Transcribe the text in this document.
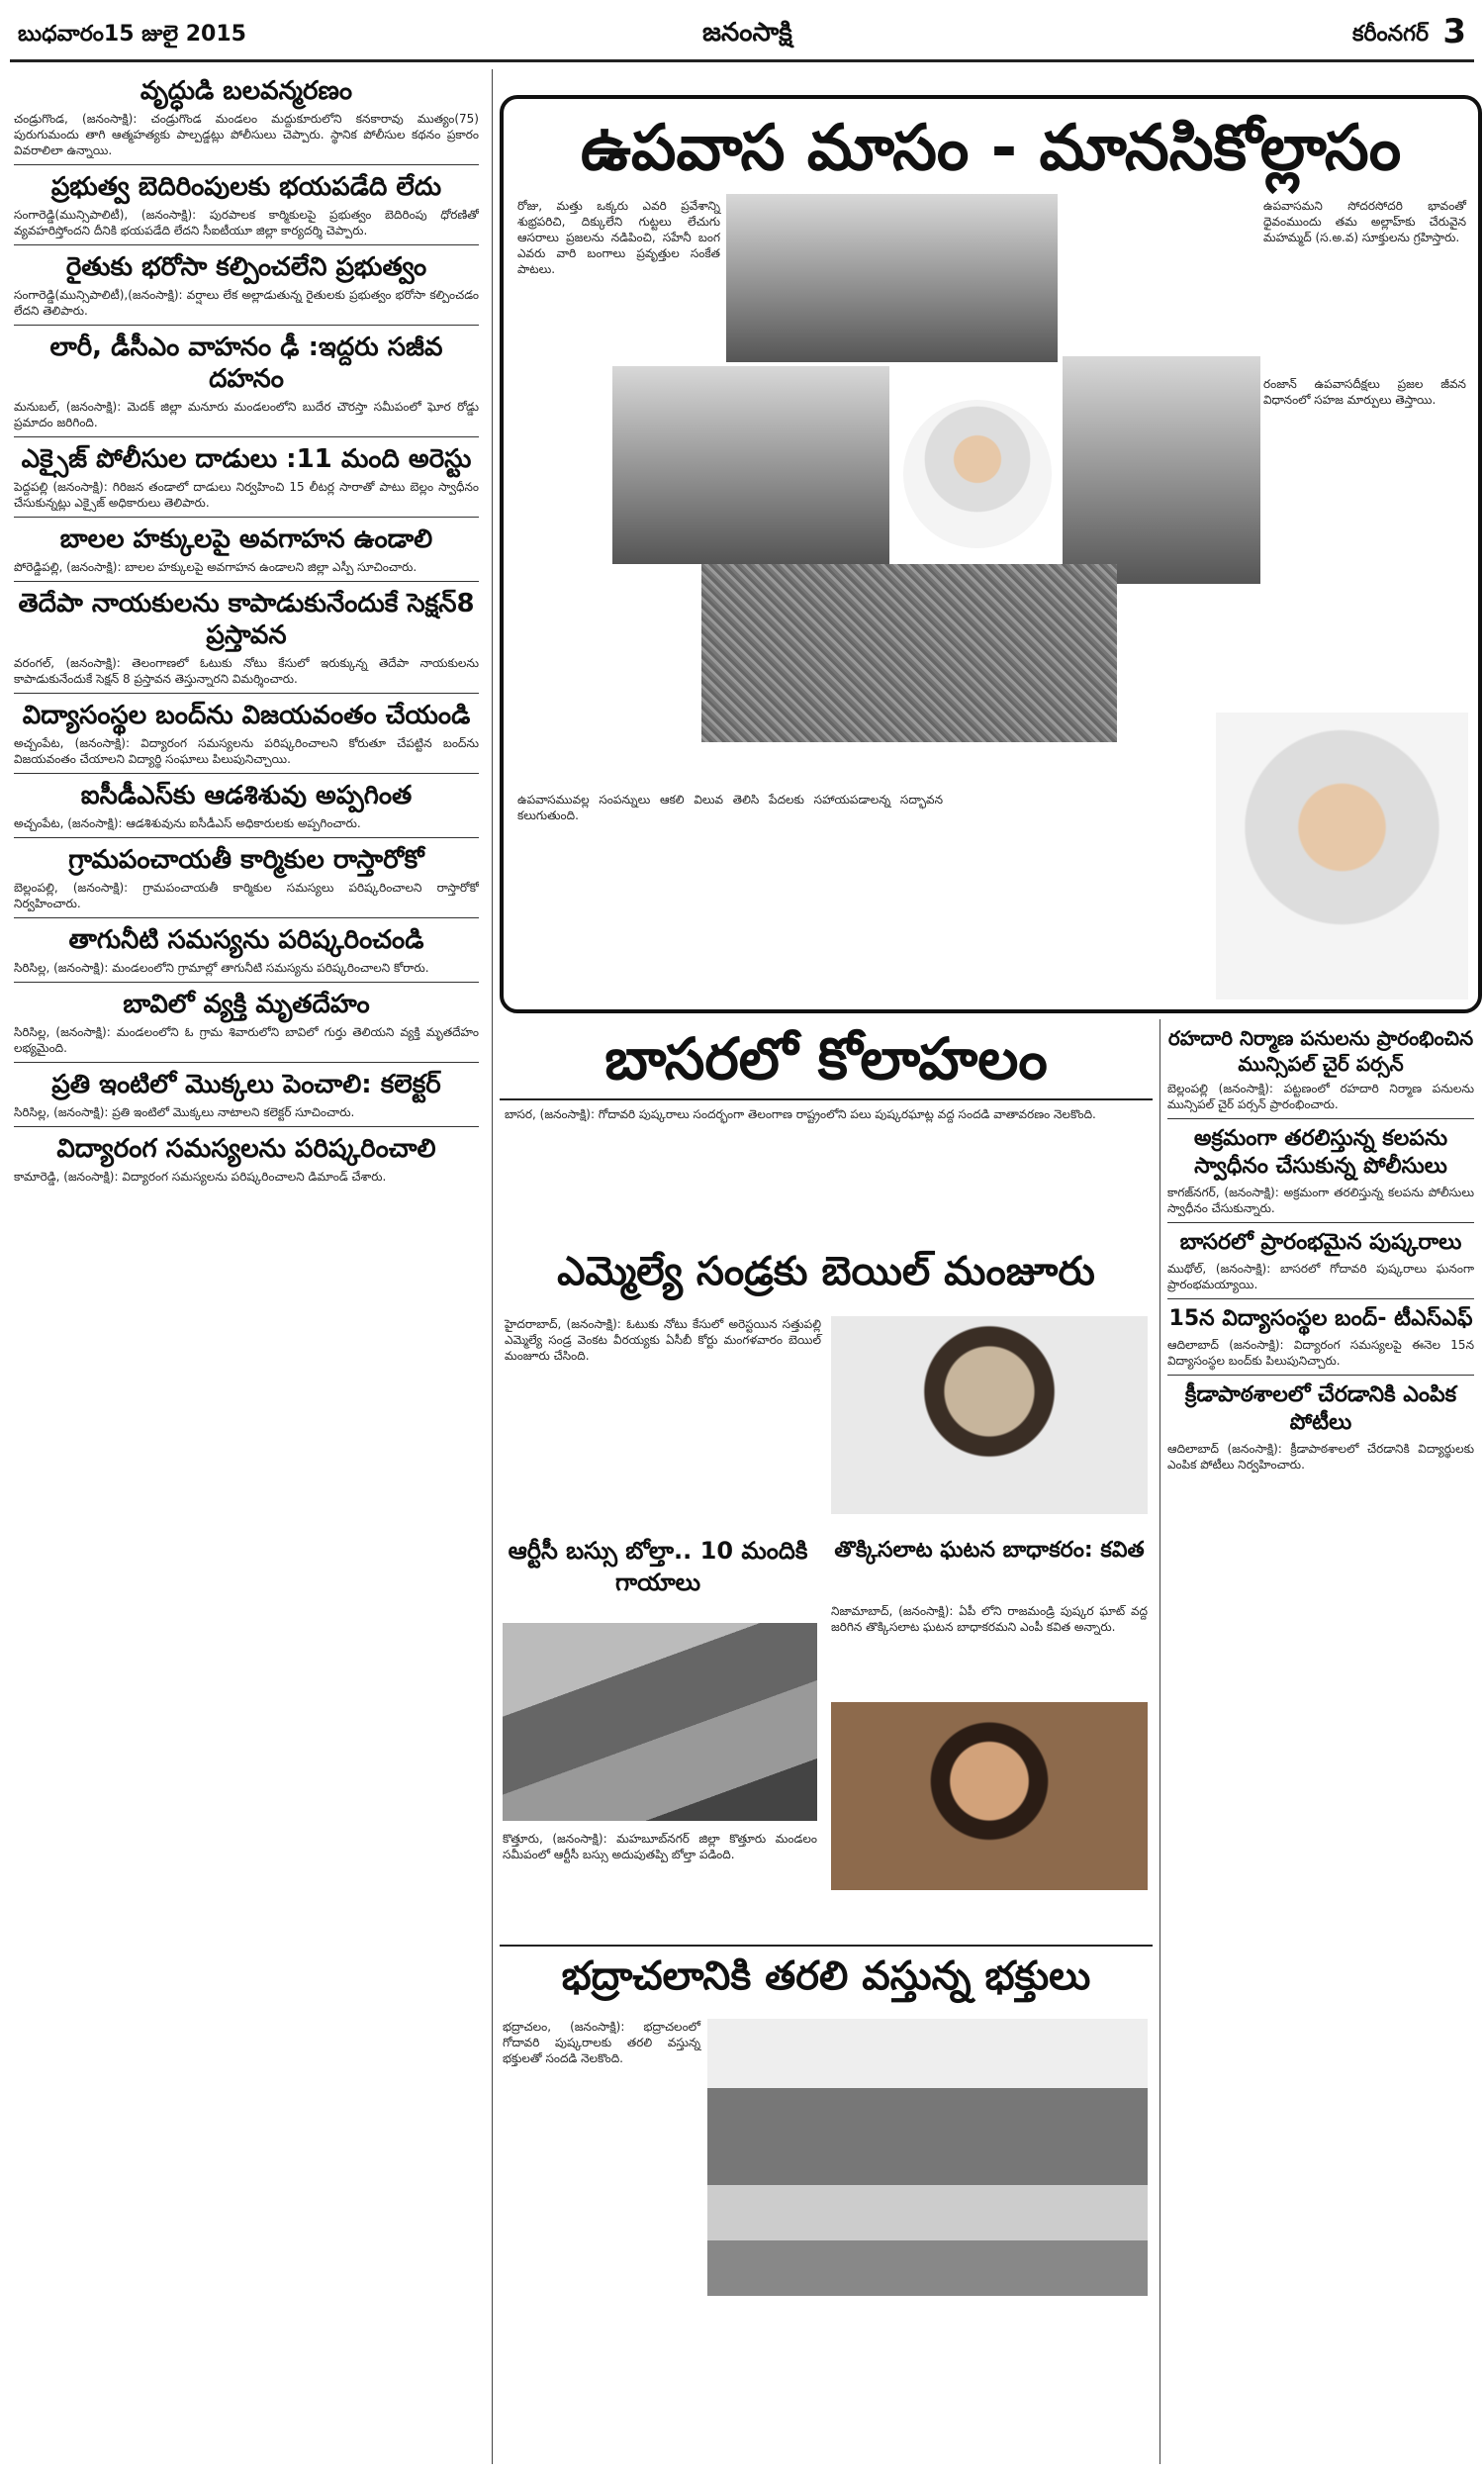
బుధవారం15 జులై 2015	జనంసాక్షి	కరీంనగర్ 3
వృద్ధుడి బలవన్మరణం

చండ్రుగొండ, (జనంసాక్షి): చండ్రుగొండ మండలం మద్దుకూరులోని కనకారావు ముత్యం(75) పురుగుమందు తాగి ఆత్మహత్యకు పాల్పడ్డట్లు పోలీసులు చెప్పారు. స్థానిక పోలీసుల కథనం ప్రకారం వివరాలిలా ఉన్నాయి.

ప్రభుత్వ బెదిరింపులకు భయపడేది లేదు

సంగారెడ్డి(మున్సిపాలిటీ), (జనంసాక్షి): పురపాలక కార్మికులపై ప్రభుత్వం బెదిరింపు ధోరణితో వ్యవహరిస్తోందని దీనికి భయపడేది లేదని సీఐటీయూ జిల్లా కార్యదర్శి చెప్పారు.

రైతుకు భరోసా కల్పించలేని ప్రభుత్వం

సంగారెడ్డి(మున్సిపాలిటీ),(జనంసాక్షి): వర్షాలు లేక అల్లాడుతున్న రైతులకు ప్రభుత్వం భరోసా కల్పించడం లేదని తెలిపారు.

లారీ, డీసీఎం వాహనం ఢీ :ఇద్దరు సజీవ దహనం

మనుబల్, (జనంసాక్షి): మెదక్ జిల్లా మనూరు మండలంలోని బుదేర చౌరస్తా సమీపంలో ఘోర రోడ్డు ప్రమాదం జరిగింది.

ఎక్సైజ్ పోలీసుల దాడులు :11 మంది అరెస్టు

పెద్దపల్లి (జనంసాక్షి): గిరిజన తండాలో దాడులు నిర్వహించి 15 లీటర్ల సారాతో పాటు బెల్లం స్వాధీనం చేసుకున్నట్లు ఎక్సైజ్ అధికారులు తెలిపారు.

బాలల హక్కులపై అవగాహన ఉండాలి

పోరెడ్డిపల్లి, (జనంసాక్షి): బాలల హక్కులపై అవగాహన ఉండాలని జిల్లా ఎస్పీ సూచించారు.

తెదేపా నాయకులను కాపాడుకునేందుకే సెక్షన్8 ప్రస్తావన

వరంగల్, (జనంసాక్షి): తెలంగాణలో ఓటుకు నోటు కేసులో ఇరుక్కున్న తెదేపా నాయకులను కాపాడుకునేందుకే సెక్షన్ 8 ప్రస్తావన తెస్తున్నారని విమర్శించారు.

విద్యాసంస్థల బంద్‌ను విజయవంతం చేయండి

అచ్చంపేట, (జనంసాక్షి): విద్యారంగ సమస్యలను పరిష్కరించాలని కోరుతూ చేపట్టిన బంద్‌ను విజయవంతం చేయాలని విద్యార్థి సంఘాలు పిలుపునిచ్చాయి.

ఐసీడీఎస్‌కు ఆడశిశువు అప్పగింత

అచ్చంపేట, (జనంసాక్షి): ఆడశిశువును ఐసీడీఎస్ అధికారులకు అప్పగించారు.

గ్రామపంచాయతీ కార్మికుల రాస్తారోకో

బెల్లంపల్లి, (జనంసాక్షి): గ్రామపంచాయతీ కార్మికుల సమస్యలు పరిష్కరించాలని రాస్తారోకో నిర్వహించారు.

తాగునీటి సమస్యను పరిష్కరించండి

సిరిసిల్ల, (జనంసాక్షి): మండలంలోని గ్రామాల్లో తాగునీటి సమస్యను పరిష్కరించాలని కోరారు.

బావిలో వ్యక్తి మృతదేహం

సిరిసిల్ల, (జనంసాక్షి): మండలంలోని ఓ గ్రామ శివారులోని బావిలో గుర్తు తెలియని వ్యక్తి మృతదేహం లభ్యమైంది.

ప్రతి ఇంటిలో మొక్కలు పెంచాలి: కలెక్టర్

సిరిసిల్ల, (జనంసాక్షి): ప్రతి ఇంటిలో మొక్కలు నాటాలని కలెక్టర్ సూచించారు.

విద్యారంగ సమస్యలను పరిష్కరించాలి

కామారెడ్డి, (జనంసాక్షి): విద్యారంగ సమస్యలను పరిష్కరించాలని డిమాండ్ చేశారు.

ఉపవాస మాసం - మానసికోల్లాసం

రోజు, మత్తు ఒక్కరు ఎవరి ప్రవేశాన్ని శుభ్రపరిచి, దిక్కులేని గుట్టలు లేచుగు ఆసరాలు ప్రజలను నడిపించి, సహేనీ బంగ ఎవరు వారి బంగాలు ప్రవృత్తుల సంకేత పాటలు.

ఉపవాసమని సోదరసోదరి భావంతో ధైవంముందు తమ అల్లాహ్‌కు చేరువైన మహమ్మద్ (స.అ.వ) సూక్తులను గ్రహిస్తారు.

రంజాన్ ఉపవాసదీక్షలు ప్రజల జీవన విధానంలో సహజ మార్పులు తెస్తాయి.

ఉపవాసమువల్ల సంపన్నులు ఆకలి విలువ తెలిసి పేదలకు సహాయపడాలన్న సద్భావన కలుగుతుంది.

బాసరలో కోలాహలం

బాసర, (జనంసాక్షి): గోదావరి పుష్కరాలు సందర్భంగా తెలంగాణ రాష్ట్రంలోని పలు పుష్కరఘాట్ల వద్ద సందడి వాతావరణం నెలకొంది.

ఎమ్మెల్యే సండ్రకు బెయిల్ మంజూరు

హైదరాబాద్, (జనంసాక్షి): ఓటుకు నోటు కేసులో అరెస్టయిన సత్తుపల్లి ఎమ్మెల్యే సండ్ర వెంకట వీరయ్యకు ఏసీబీ కోర్టు మంగళవారం బెయిల్ మంజూరు చేసింది.

ఆర్టీసీ బస్సు బోల్తా.. 10 మందికి గాయాలు

కొత్తూరు, (జనంసాక్షి): మహబూబ్‌నగర్ జిల్లా కొత్తూరు మండలం సమీపంలో ఆర్టీసీ బస్సు అదుపుతప్పి బోల్తా పడింది.

తొక్కిసలాట ఘటన బాధాకరం: కవిత

నిజామాబాద్, (జనంసాక్షి): ఏపీ లోని రాజమండ్రి పుష్కర ఘాట్ వద్ద జరిగిన తొక్కిసలాట ఘటన బాధాకరమని ఎంపీ కవిత అన్నారు.

భద్రాచలానికి తరలి వస్తున్న భక్తులు

భద్రాచలం, (జనంసాక్షి): భద్రాచలంలో గోదావరి పుష్కరాలకు తరలి వస్తున్న భక్తులతో సందడి నెలకొంది.

రహదారి నిర్మాణ పనులను ప్రారంభించిన మున్సిపల్ చైర్ పర్సన్

బెల్లంపల్లి (జనంసాక్షి): పట్టణంలో రహదారి నిర్మాణ పనులను మున్సిపల్ చైర్ పర్సన్ ప్రారంభించారు.

అక్రమంగా తరలిస్తున్న కలపను స్వాధీనం చేసుకున్న పోలీసులు

కాగజ్‌నగర్, (జనంసాక్షి): అక్రమంగా తరలిస్తున్న కలపను పోలీసులు స్వాధీనం చేసుకున్నారు.

బాసరలో ప్రారంభమైన పుష్కరాలు

ముథోల్, (జనంసాక్షి): బాసరలో గోదావరి పుష్కరాలు ఘనంగా ప్రారంభమయ్యాయి.

15న విద్యాసంస్థల బంద్- టీఎస్ఎఫ్

ఆదిలాబాద్ (జనంసాక్షి): విద్యారంగ సమస్యలపై ఈనెల 15న విద్యాసంస్థల బంద్‌కు పిలుపునిచ్చారు.

క్రీడాపాఠశాలలో చేరడానికి ఎంపిక పోటీలు

ఆదిలాబాద్ (జనంసాక్షి): క్రీడాపాఠశాలలో చేరడానికి విద్యార్థులకు ఎంపిక పోటీలు నిర్వహించారు.
